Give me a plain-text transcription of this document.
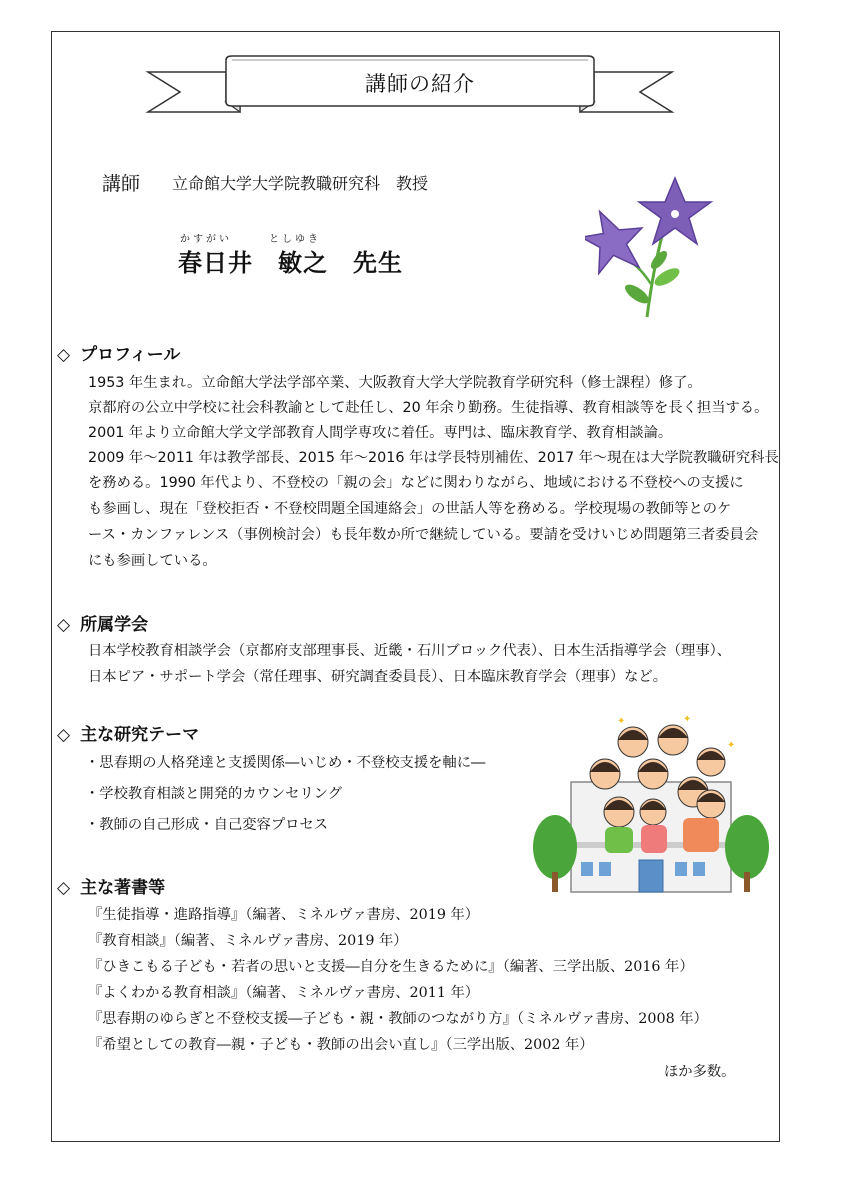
講師の紹介
講師 立命館大学大学院教職研究科　教授
かすがい	としゆき
春日井　敏之　先生
◇ プロフィール
1953 年生まれ。立命館大学法学部卒業、大阪教育大学大学院教育学研究科（修士課程）修了。
京都府の公立中学校に社会科教諭として赴任し、20 年余り勤務。生徒指導、教育相談等を長く担当する。
2001 年より立命館大学文学部教育人間学専攻に着任。専門は、臨床教育学、教育相談論。
2009 年～2011 年は教学部長、2015 年～2016 年は学長特別補佐、2017 年～現在は大学院教職研究科長
を務める。1990 年代より、不登校の「親の会」などに関わりながら、地域における不登校への支援に
も参画し、現在「登校拒否・不登校問題全国連絡会」の世話人等を務める。学校現場の教師等とのケ
ース・カンファレンス（事例検討会）も長年数か所で継続している。要請を受けいじめ問題第三者委員会
にも参画している。
◇ 所属学会
日本学校教育相談学会（京都府支部理事長、近畿・石川ブロック代表）、日本生活指導学会（理事）、
日本ピア・サポート学会（常任理事、研究調査委員長）、日本臨床教育学会（理事）など。
◇ 主な研究テーマ
・思春期の人格発達と支援関係―いじめ・不登校支援を軸に―
・学校教育相談と開発的カウンセリング
・教師の自己形成・自己変容プロセス
✦	✦
✦
◇ 主な著書等
『生徒指導・進路指導』（編著、ミネルヴァ書房、2019 年）
『教育相談』（編著、ミネルヴァ書房、2019 年）
『ひきこもる子ども・若者の思いと支援―自分を生きるために』（編著、三学出版、2016 年）
『よくわかる教育相談』（編著、ミネルヴァ書房、2011 年）
『思春期のゆらぎと不登校支援―子ども・親・教師のつながり方』（ミネルヴァ書房、2008 年）
『希望としての教育―親・子ども・教師の出会い直し』（三学出版、2002 年）
ほか多数。
